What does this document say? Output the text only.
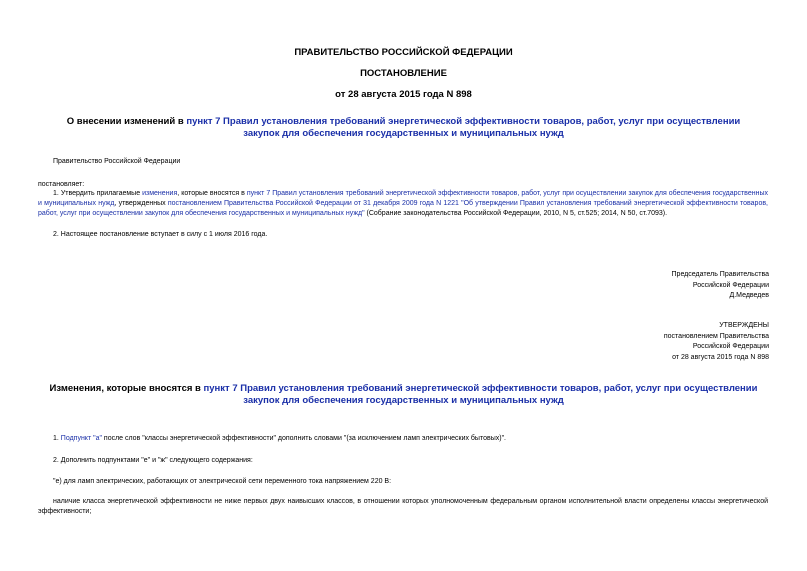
ПРАВИТЕЛЬСТВО РОССИЙСКОЙ ФЕДЕРАЦИИ
ПОСТАНОВЛЕНИЕ
от 28 августа 2015 года N 898
О внесении изменений в пункт 7 Правил установления требований энергетической эффективности товаров, работ, услуг при осуществлении закупок для обеспечения государственных и муниципальных нужд
Правительство Российской Федерации
постановляет:
1. Утвердить прилагаемые изменения, которые вносятся в пункт 7 Правил установления требований энергетической эффективности товаров, работ, услуг при осуществлении закупок для обеспечения государственных и муниципальных нужд, утвержденных постановлением Правительства Российской Федерации от 31 декабря 2009 года N 1221 "Об утверждении Правил установления требований энергетической эффективности товаров, работ, услуг при осуществлении закупок для обеспечения государственных и муниципальных нужд" (Собрание законодательства Российской Федерации, 2010, N 5, ст.525; 2014, N 50, ст.7093).
2. Настоящее постановление вступает в силу с 1 июля 2016 года.
Председатель Правительства
Российской Федерации
Д.Медведев
УТВЕРЖДЕНЫ
постановлением Правительства
Российской Федерации
от 28 августа 2015 года N 898
Изменения, которые вносятся в пункт 7 Правил установления требований энергетической эффективности товаров, работ, услуг при осуществлении закупок для обеспечения государственных и муниципальных нужд
1. Подпункт "а" после слов "классы энергетической эффективности" дополнить словами "(за исключением ламп электрических бытовых)".
2. Дополнить подпунктами "е" и "ж" следующего содержания:
"е) для ламп электрических, работающих от электрической сети переменного тока напряжением 220 В:
наличие класса энергетической эффективности не ниже первых двух наивысших классов, в отношении которых уполномоченным федеральным органом исполнительной власти определены классы энергетической эффективности;
